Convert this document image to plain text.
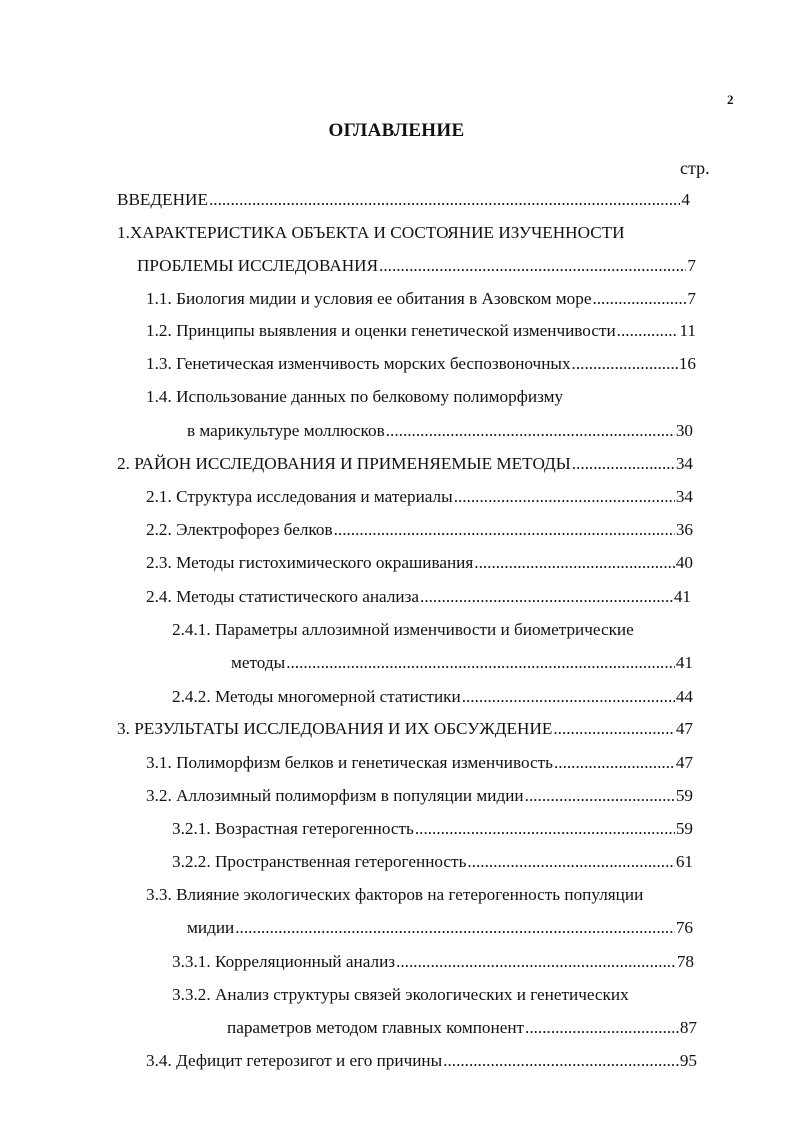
2
ОГЛАВЛЕНИЕ
стр.
ВВЕДЕНИЕ .....	4
1.ХАРАКТЕРИСТИКА ОБЪЕКТА И СОСТОЯНИЕ ИЗУЧЕННОСТИ
ПРОБЛЕМЫ ИССЛЕДОВАНИЯ .....	7
1.1. Биология мидии и условия ее обитания в Азовском море .....	7
1.2. Принципы выявления и оценки генетической изменчивости .....	11
1.3. Генетическая изменчивость морских беспозвоночных .....	16
1.4. Использование данных по белковому полиморфизму
в марикультуре моллюсков .....	30
2. РАЙОН ИССЛЕДОВАНИЯ И ПРИМЕНЯЕМЫЕ МЕТОДЫ .....	34
2.1. Структура исследования и материалы .....	34
2.2. Электрофорез белков .....	36
2.3. Методы гистохимического окрашивания .....	40
2.4. Методы статистического анализа .....	41
2.4.1. Параметры аллозимной изменчивости и биометрические
методы .....	41
2.4.2. Методы многомерной статистики .....	44
3. РЕЗУЛЬТАТЫ ИССЛЕДОВАНИЯ И ИХ ОБСУЖДЕНИЕ .....	47
3.1. Полиморфизм белков и генетическая изменчивость .....	47
3.2. Аллозимный полиморфизм в популяции мидии .....	59
3.2.1. Возрастная гетерогенность .....	59
3.2.2. Пространственная гетерогенность .....	61
3.3. Влияние экологических факторов на гетерогенность популяции
мидии .....	76
3.3.1. Корреляционный анализ .....	78
3.3.2. Анализ структуры связей экологических и генетических
параметров методом главных компонент .....	87
3.4. Дефицит гетерозигот и его причины .....	95
